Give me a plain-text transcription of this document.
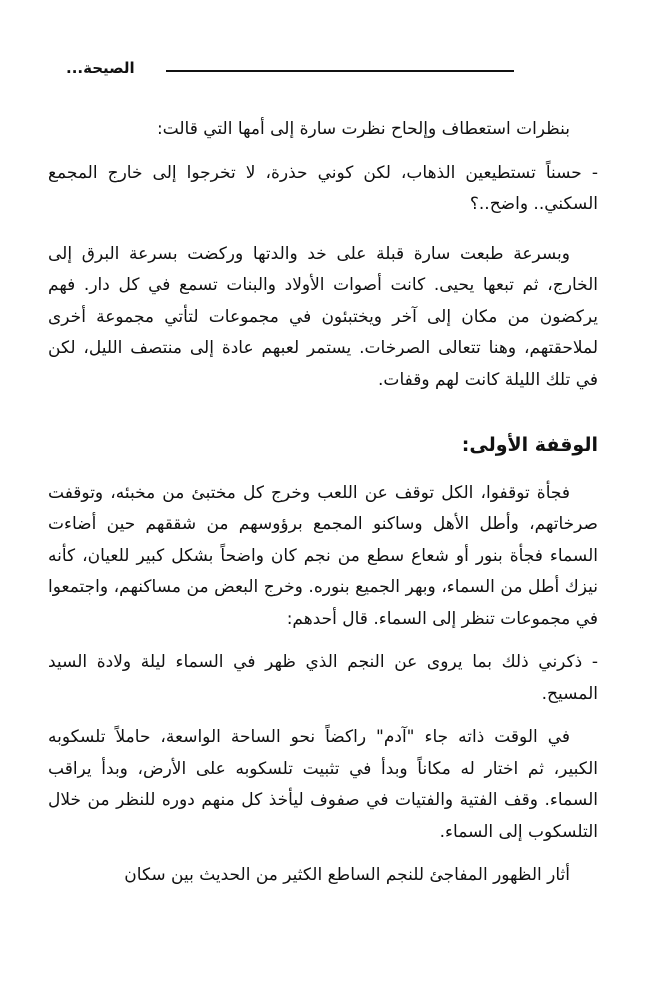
الصيحة...

بنظرات استعطاف وإلحاح نظرت سارة إلى أمها التي قالت:

- حسناً تستطيعين الذهاب، لكن كوني حذرة، لا تخرجوا إلى خارج المجمع السكني.. واضح..؟

وبسرعة طبعت سارة قبلة على خد والدتها وركضت بسرعة البرق إلى الخارج، ثم تبعها يحيى. كانت أصوات الأولاد والبنات تسمع في كل دار. فهم يركضون من مكان إلى آخر ويختبئون في مجموعات لتأتي مجموعة أخرى لملاحقتهم، وهنا تتعالى الصرخات. يستمر لعبهم عادة إلى منتصف الليل، لكن في تلك الليلة كانت لهم وقفات.

الوقفة الأولى:

فجأة توقفوا، الكل توقف عن اللعب وخرج كل مختبئ من مخبئه، وتوقفت صرخاتهم، وأطل الأهل وساكنو المجمع برؤوسهم من شققهم حين أضاءت السماء فجأة بنور أو شعاع سطع من نجم كان واضحاً بشكل كبير للعيان، كأنه نيزك أطل من السماء، وبهر الجميع بنوره. وخرج البعض من مساكنهم، واجتمعوا في مجموعات تنظر إلى السماء. قال أحدهم:

- ذكرني ذلك بما يروى عن النجم الذي ظهر في السماء ليلة ولادة السيد المسيح.

في الوقت ذاته جاء "آدم" راكضاً نحو الساحة الواسعة، حاملاً تلسكوبه الكبير، ثم اختار له مكاناً وبدأ في تثبيت تلسكوبه على الأرض، وبدأ يراقب السماء. وقف الفتية والفتيات في صفوف ليأخذ كل منهم دوره للنظر من خلال التلسكوب إلى السماء.

أثار الظهور المفاجئ للنجم الساطع الكثير من الحديث بين سكان
